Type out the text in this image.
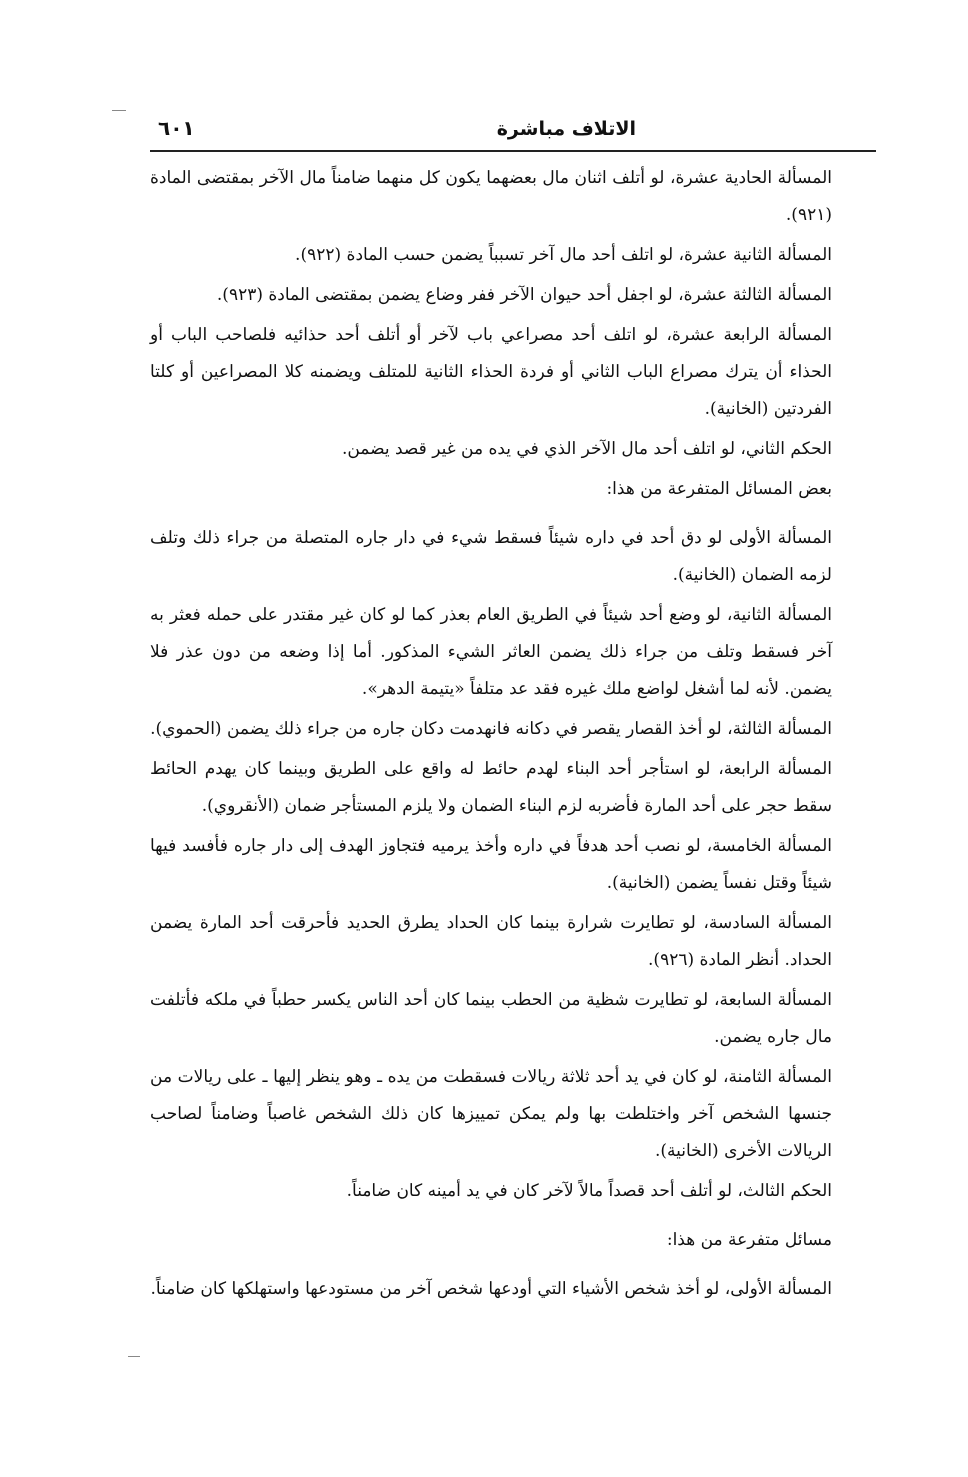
الاتلاف مباشرة
٦٠١

المسألة الحادية عشرة، لو أتلف اثنان مال بعضهما يكون كل منهما ضامناً مال الآخر بمقتضى المادة (٩٢١).

المسألة الثانية عشرة، لو اتلف أحد مال آخر تسبباً يضمن حسب المادة (٩٢٢).

المسألة الثالثة عشرة، لو اجفل أحد حيوان الآخر ففر وضاع يضمن بمقتضى المادة (٩٢٣).

المسألة الرابعة عشرة، لو اتلف أحد مصراعي باب لآخر أو أتلف أحد حذائيه فلصاحب الباب أو الحذاء أن يترك مصراع الباب الثاني أو فردة الحذاء الثانية للمتلف ويضمنه كلا المصراعين أو كلتا الفردتين (الخانية).

الحكم الثاني، لو اتلف أحد مال الآخر الذي في يده من غير قصد يضمن.

بعض المسائل المتفرعة من هذا:

المسألة الأولى لو دق أحد في داره شيئاً فسقط شيء في دار جاره المتصلة من جراء ذلك وتلف لزمه الضمان (الخانية).

المسألة الثانية، لو وضع أحد شيئاً في الطريق العام بعذر كما لو كان غير مقتدر على حمله فعثر به آخر فسقط وتلف من جراء ذلك يضمن العاثر الشيء المذكور. أما إذا وضعه من دون عذر فلا يضمن. لأنه لما أشغل لواضع ملك غيره فقد عد متلفاً «يتيمة الدهر».

المسألة الثالثة، لو أخذ القصار يقصر في دكانه فانهدمت دكان جاره من جراء ذلك يضمن (الحموي).

المسألة الرابعة، لو استأجر أحد البناء لهدم حائط له واقع على الطريق وبينما كان يهدم الحائط سقط حجر على أحد المارة فأضربه لزم البناء الضمان ولا يلزم المستأجر ضمان (الأنقروي).

المسألة الخامسة، لو نصب أحد هدفاً في داره وأخذ يرميه فتجاوز الهدف إلى دار جاره فأفسد فيها شيئاً وقتل نفساً يضمن (الخانية).

المسألة السادسة، لو تطايرت شرارة بينما كان الحداد يطرق الحديد فأحرقت أحد المارة يضمن الحداد. أنظر المادة (٩٢٦).

المسألة السابعة، لو تطايرت شظية من الحطب بينما كان أحد الناس يكسر حطباً في ملكه فأتلفت مال جاره يضمن.

المسألة الثامنة، لو كان في يد أحد ثلاثة ريالات فسقطت من يده ـ وهو ينظر إليها ـ على ريالات من جنسها الشخص آخر واختلطت بها ولم يمكن تمييزها كان ذلك الشخص غاصباً وضامناً لصاحب الريالات الأخرى (الخانية).

الحكم الثالث، لو أتلف أحد قصداً مالاً لآخر كان في يد أمينه كان ضامناً.

مسائل متفرعة من هذا:

المسألة الأولى، لو أخذ شخص الأشياء التي أودعها شخص آخر من مستودعها واستهلكها كان ضامناً.
